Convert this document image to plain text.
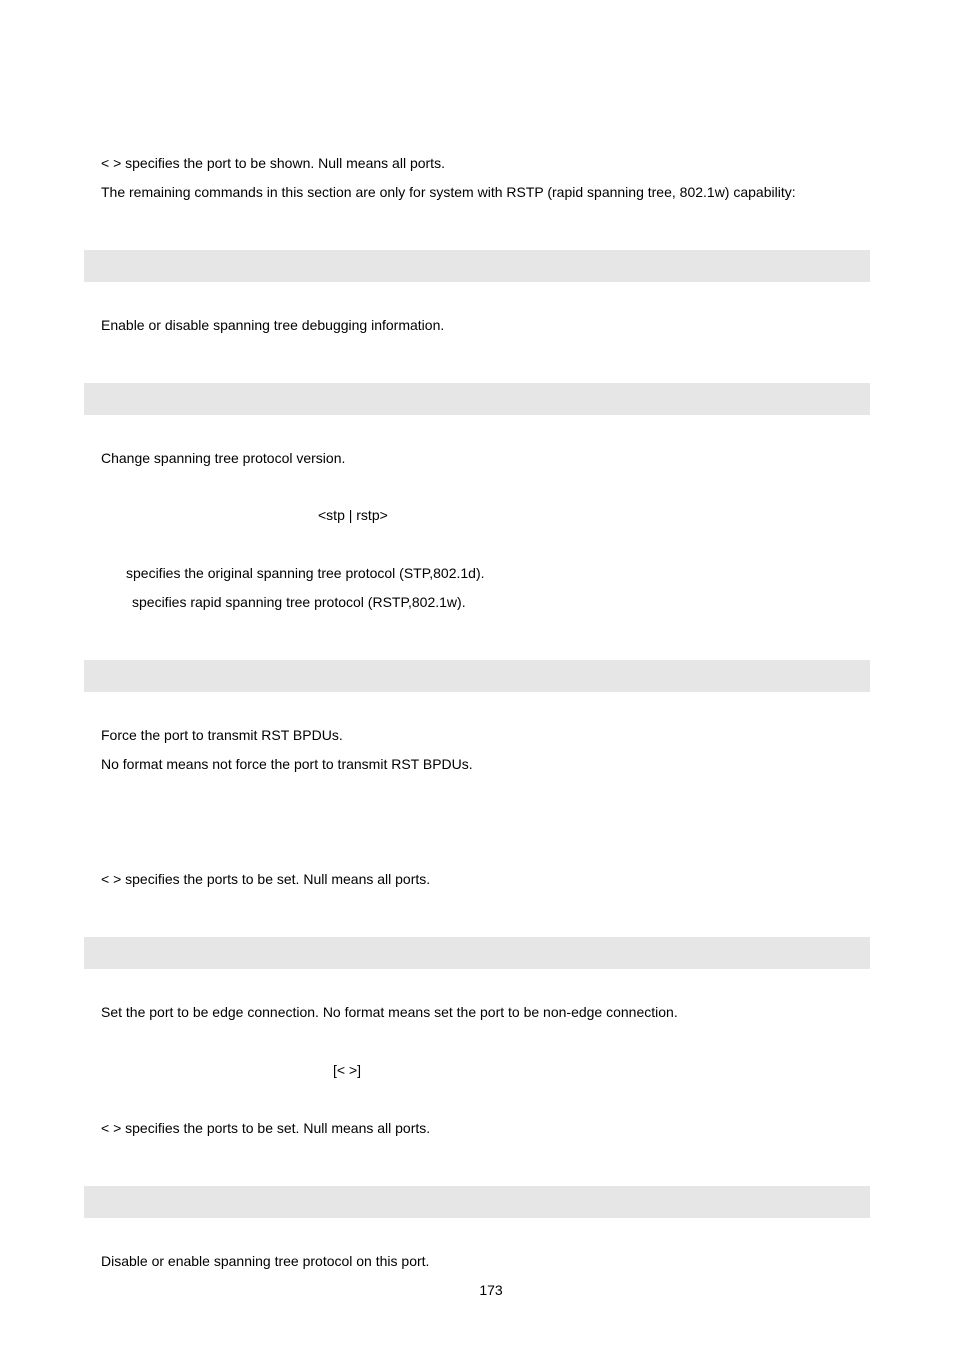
< > specifies the port to be shown. Null means all ports.
The remaining commands in this section are only for system with RSTP (rapid spanning tree, 802.1w) capability:
Enable or disable spanning tree debugging information.
Change spanning tree protocol version.
<stp | rstp>
specifies the original spanning tree protocol (STP,802.1d).
specifies rapid spanning tree protocol (RSTP,802.1w).
Force the port to transmit RST BPDUs.
No format means not force the port to transmit RST BPDUs.
< > specifies the ports to be set. Null means all ports.
Set the port to be edge connection. No format means set the port to be non-edge connection.
[< >]
< > specifies the ports to be set. Null means all ports.
Disable or enable spanning tree protocol on this port.
173
